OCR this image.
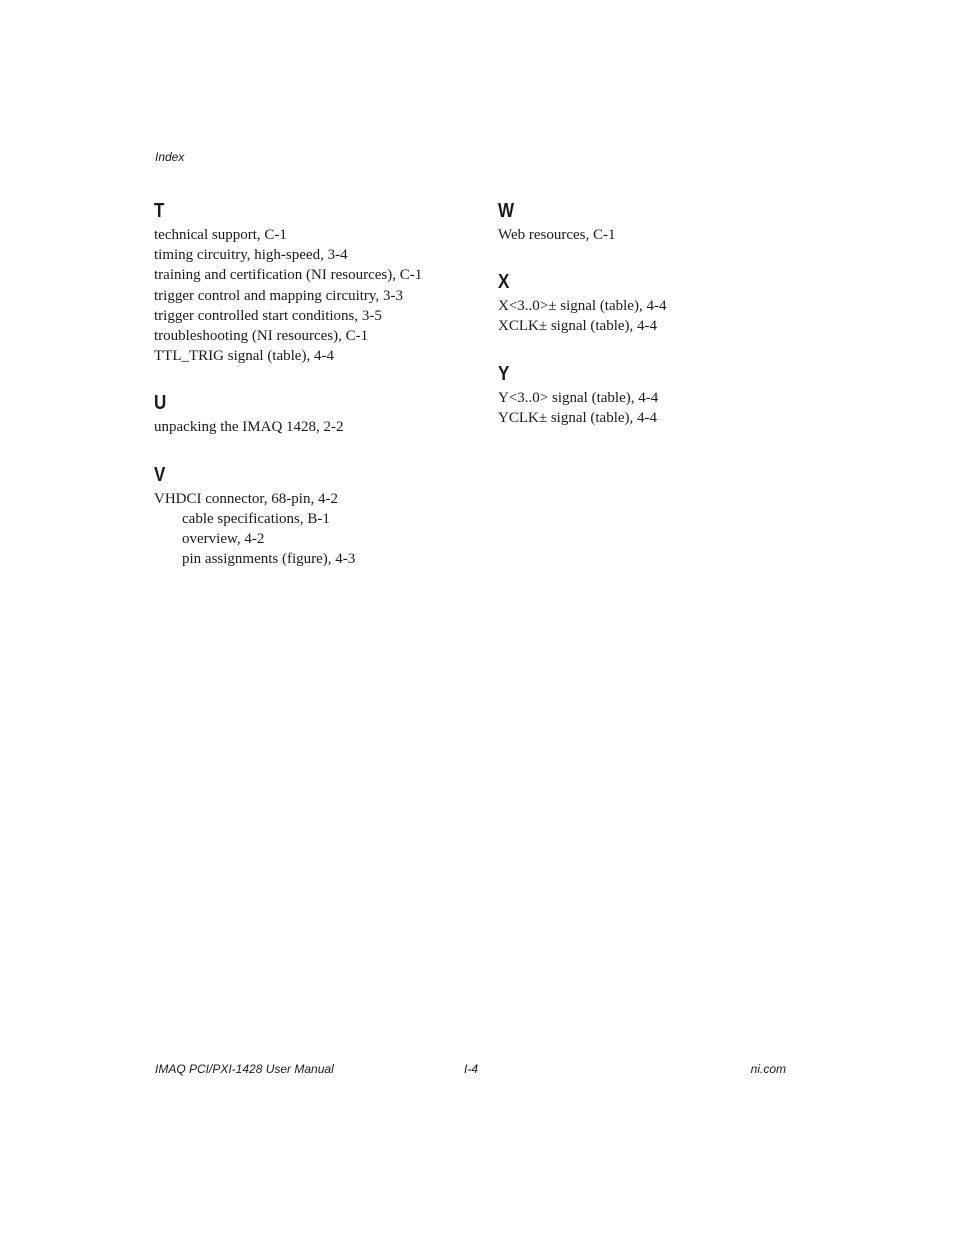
Index
T
technical support, C-1
timing circuitry, high-speed, 3-4
training and certification (NI resources), C-1
trigger control and mapping circuitry, 3-3
trigger controlled start conditions, 3-5
troubleshooting (NI resources), C-1
TTL_TRIG signal (table), 4-4
U
unpacking the IMAQ 1428, 2-2
V
VHDCI connector, 68-pin, 4-2
cable specifications, B-1
overview, 4-2
pin assignments (figure), 4-3
W
Web resources, C-1
X
X<3..0>± signal (table), 4-4
XCLK± signal (table), 4-4
Y
Y<3..0> signal (table), 4-4
YCLK± signal (table), 4-4
IMAQ PCI/PXI-1428 User Manual	I-4	ni.com
